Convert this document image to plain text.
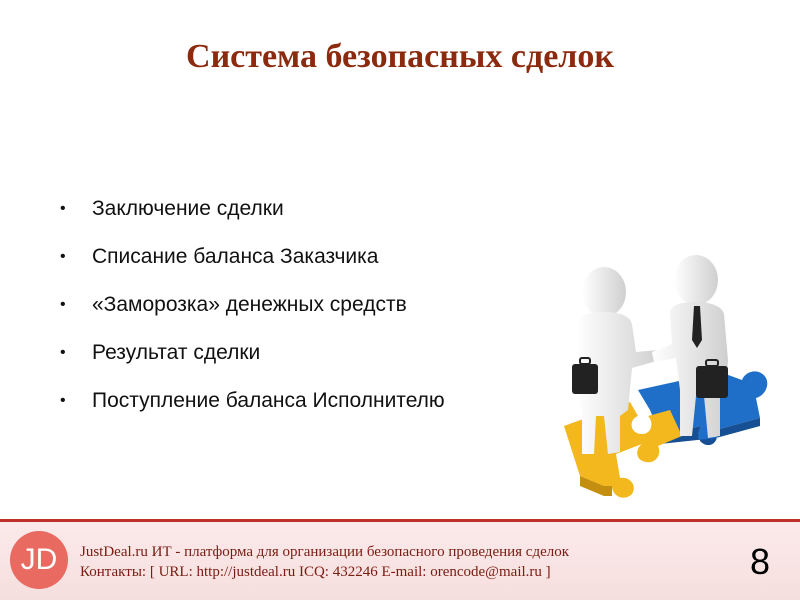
Система безопасных сделок
• Заключение сделки
• Списание баланса Заказчика
• «Заморозка» денежных средств
• Результат сделки
• Поступление баланса Исполнителю
JD	JustDeal.ru ИТ - платформа для организации безопасного проведения сделок
Контакты: [ URL: http://justdeal.ru ICQ: 432246 E-mail: orencode@mail.ru ]	8
